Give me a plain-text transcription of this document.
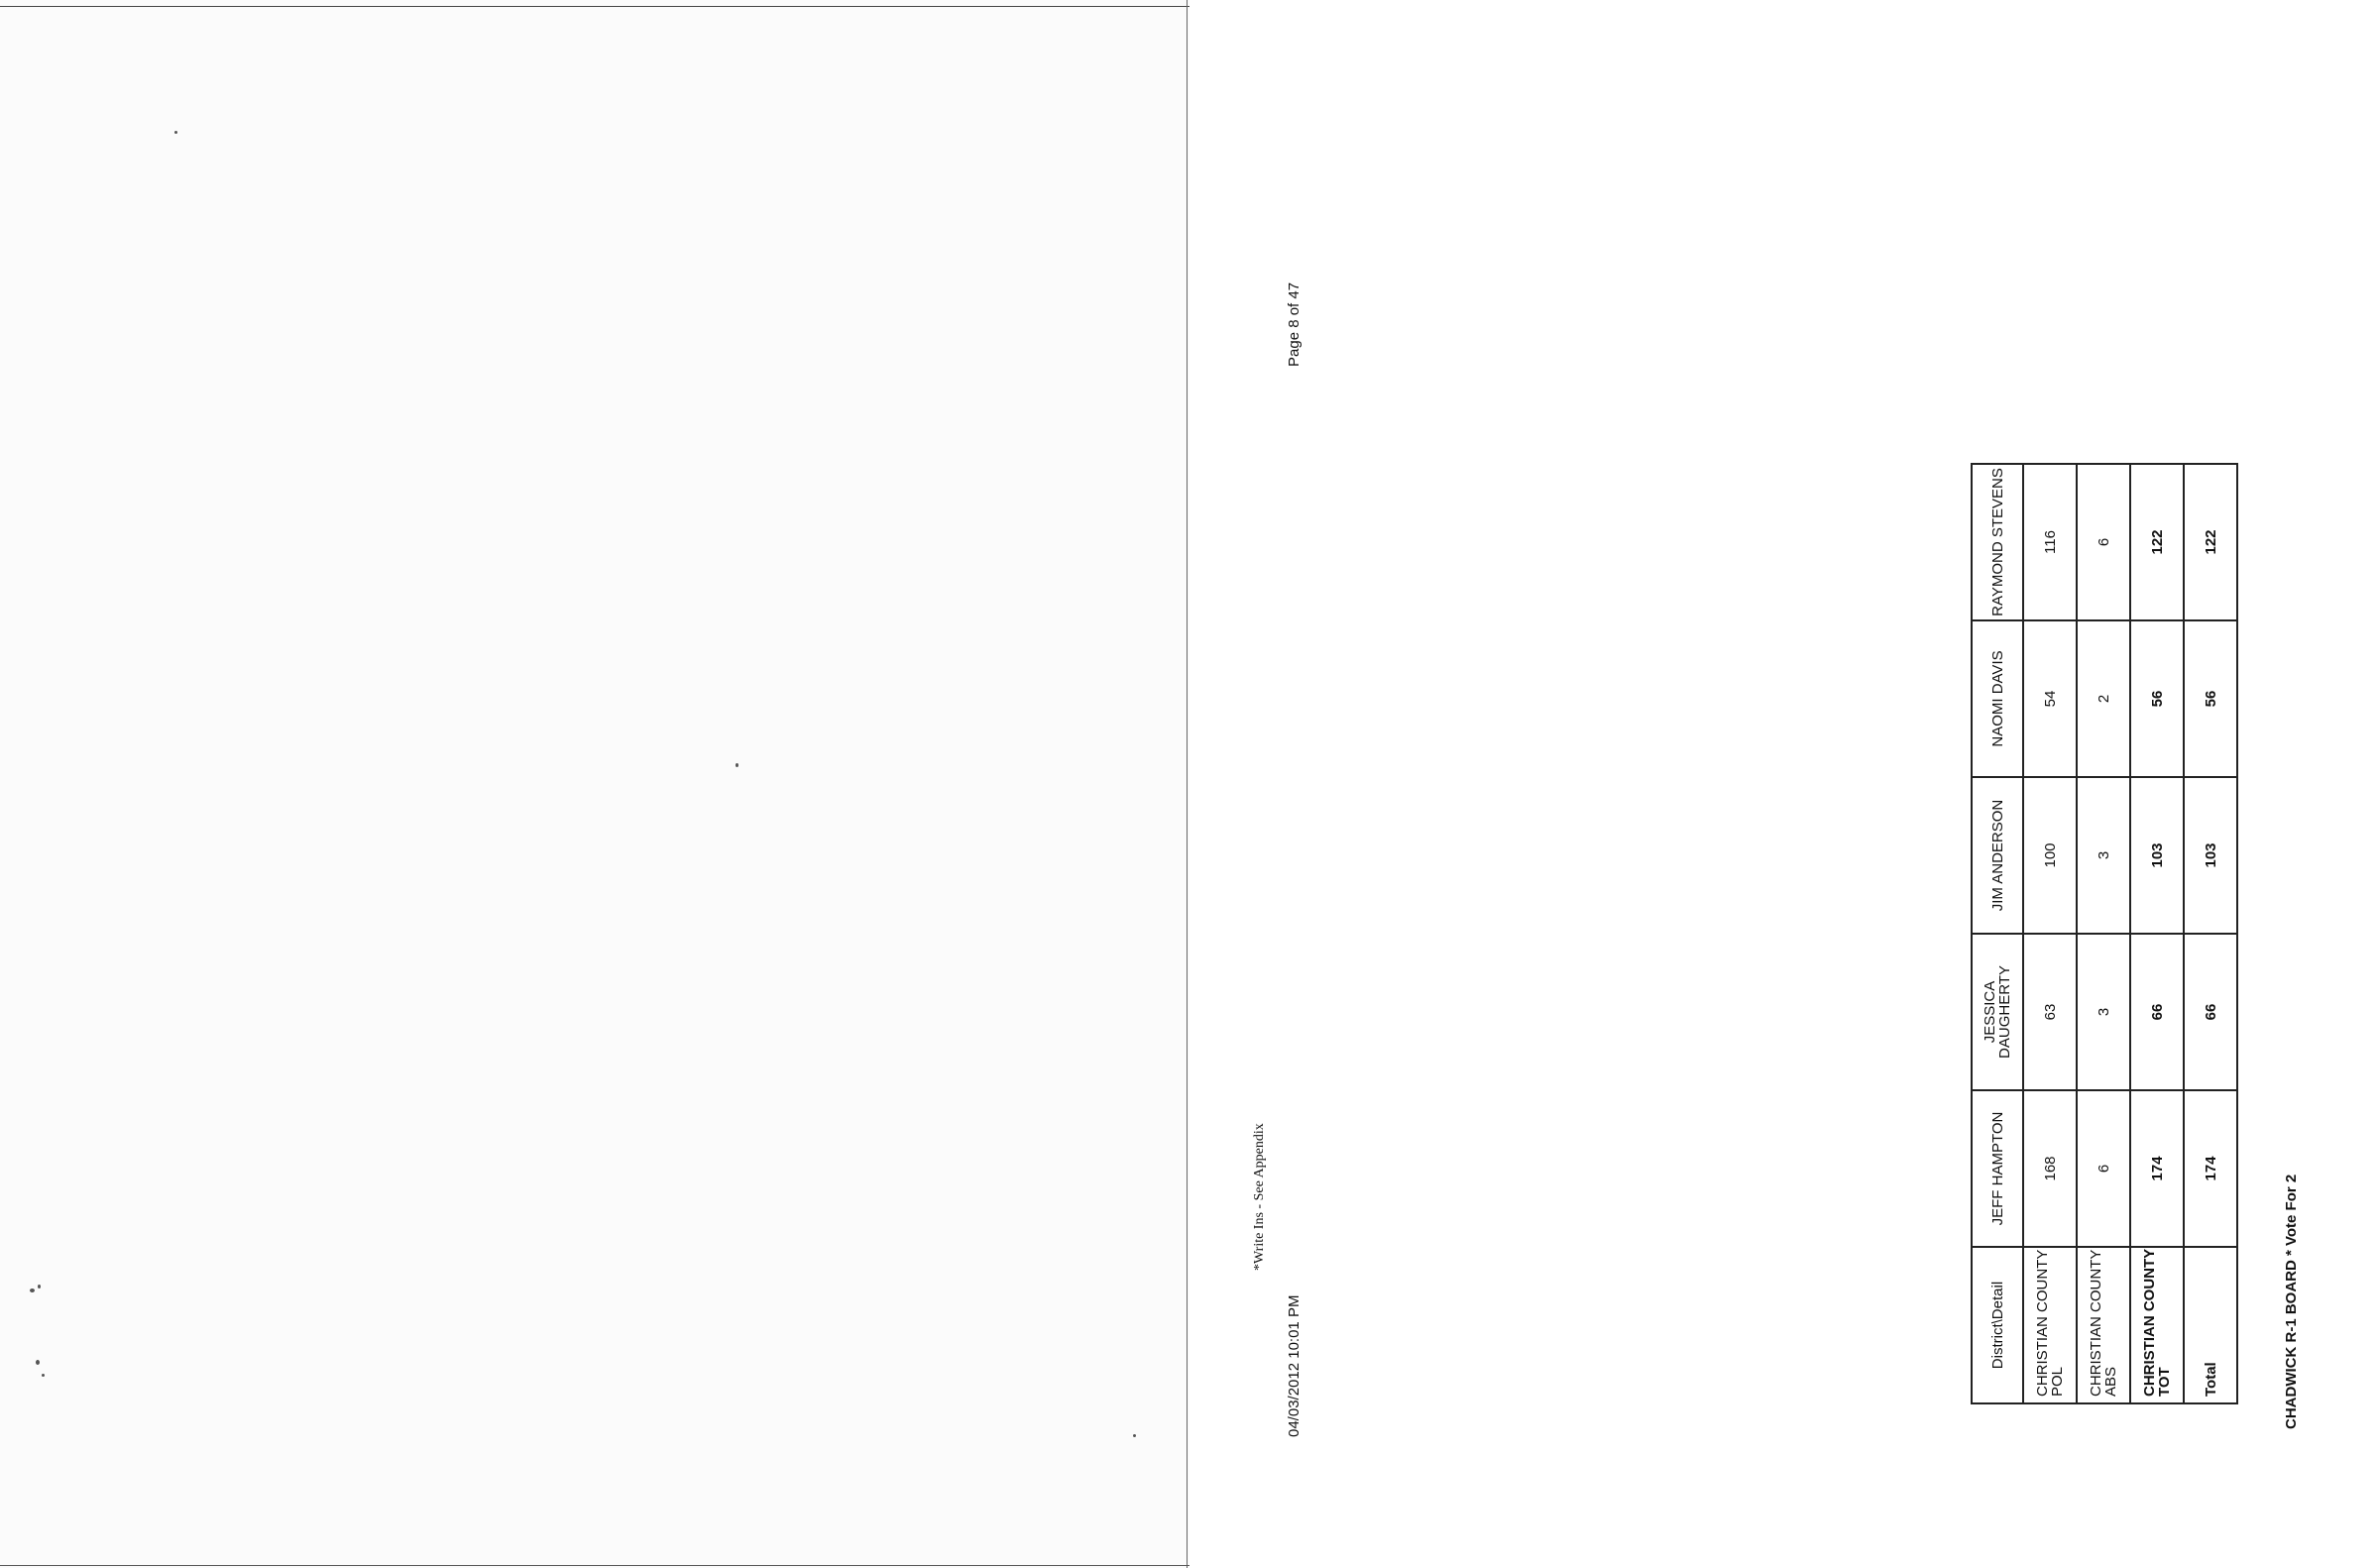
CHADWICK R-1 BOARD * Vote For 2
District\Detail	JEFF HAMPTON	JESSICA DAUGHERTY	JIM ANDERSON	NAOMI DAVIS	RAYMOND STEVENS
CHRISTIAN COUNTY POL	168	63	100	54	116
CHRISTIAN COUNTY ABS	6	3	3	2	6
CHRISTIAN COUNTY TOT	174	66	103	56	122
Total	174	66	103	56	122
04/03/2012 10:01 PM
*Write Ins - See Appendix
Page 8 of 47
